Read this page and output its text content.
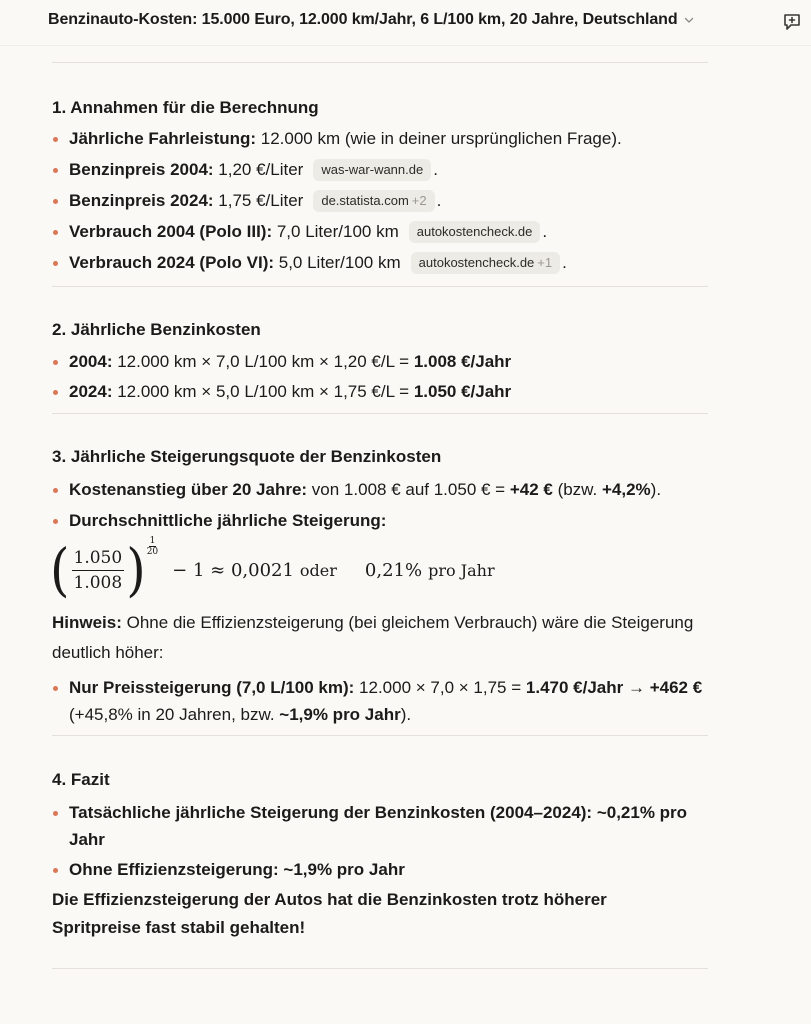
Benzinauto-Kosten: 15.000 Euro, 12.000 km/Jahr, 6 L/100 km, 20 Jahre, Deutschland
1. Annahmen für die Berechnung
Jährliche Fahrleistung: 12.000 km (wie in deiner ursprünglichen Frage).
Benzinpreis 2004: 1,20 €/Liter was-war-wann.de .
Benzinpreis 2024: 1,75 €/Liter de.statista.com +2 .
Verbrauch 2004 (Polo III): 7,0 Liter/100 km autokostencheck.de .
Verbrauch 2024 (Polo VI): 5,0 Liter/100 km autokostencheck.de +1 .
2. Jährliche Benzinkosten
2004: 12.000 km × 7,0 L/100 km × 1,20 €/L = 1.008 €/Jahr
2024: 12.000 km × 5,0 L/100 km × 1,75 €/L = 1.050 €/Jahr
3. Jährliche Steigerungsquote der Benzinkosten
Kostenanstieg über 20 Jahre: von 1.008 € auf 1.050 € = +42 € (bzw. +4,2%).
Durchschnittliche jährliche Steigerung:
( $\frac{1.050}{1.008}$ ) 1
20
− 1 ≈ 0,0021 oder 0,21% pro Jahr

Hinweis: Ohne die Effizienzsteigerung (bei gleichem Verbrauch) wäre die Steigerung deutlich höher:

Nur Preissteigerung (7,0 L/100 km): 12.000 × 7,0 × 1,75 = 1.470 €/Jahr → +462 € (+45,8% in 20 Jahren, bzw. ~1,9% pro Jahr).
4. Fazit
Tatsächliche jährliche Steigerung der Benzinkosten (2004–2024): ~0,21% pro Jahr
Ohne Effizienzsteigerung: ~1,9% pro Jahr

Die Effizienzsteigerung der Autos hat die Benzinkosten trotz höherer Spritpreise fast stabil gehalten!
